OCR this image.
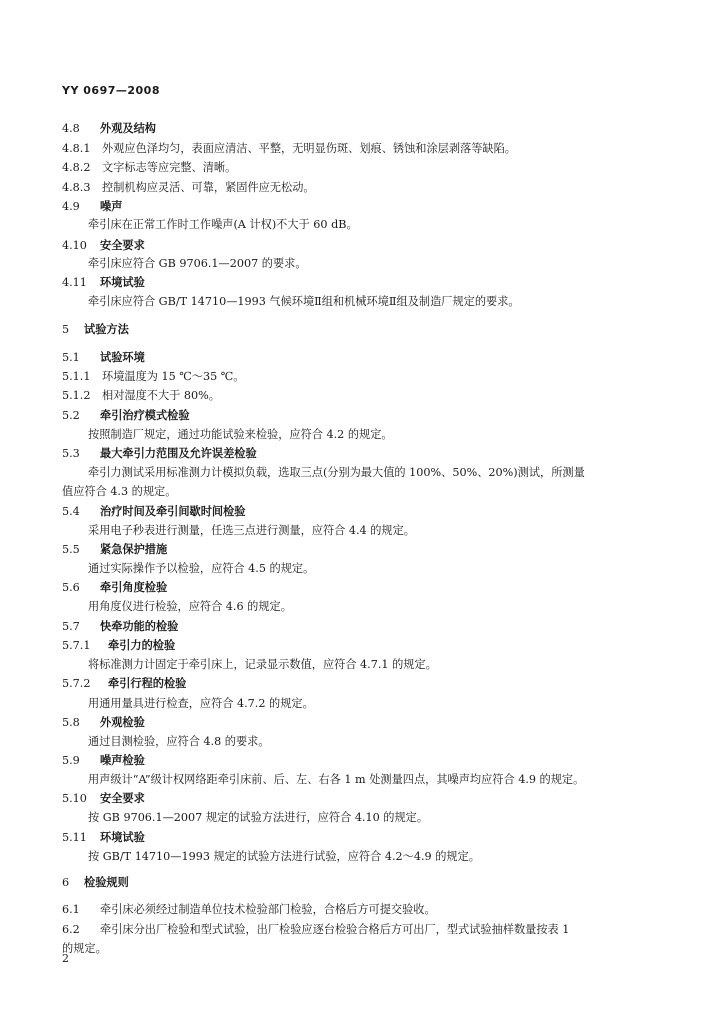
YY 0697—2008
4.8 外观及结构
4.8.1 外观应色泽均匀，表面应清洁、平整，无明显伤斑、划痕、锈蚀和涂层剥落等缺陷。
4.8.2 文字标志等应完整、清晰。
4.8.3 控制机构应灵活、可靠，紧固件应无松动。
4.9 噪声
牵引床在正常工作时工作噪声(A 计权)不大于 60 dB。
4.10 安全要求
牵引床应符合 GB 9706.1—2007 的要求。
4.11 环境试验
牵引床应符合 GB/T 14710—1993 气候环境Ⅱ组和机械环境Ⅱ组及制造厂规定的要求。
5 试验方法
5.1 试验环境
5.1.1 环境温度为 15 ℃～35 ℃。
5.1.2 相对湿度不大于 80%。
5.2 牵引治疗模式检验
按照制造厂规定，通过功能试验来检验，应符合 4.2 的规定。
5.3 最大牵引力范围及允许误差检验
牵引力测试采用标准测力计模拟负载，选取三点(分别为最大值的 100%、50%、20%)测试，所测量
值应符合 4.3 的规定。
5.4 治疗时间及牵引间歇时间检验
采用电子秒表进行测量，任选三点进行测量，应符合 4.4 的规定。
5.5 紧急保护措施
通过实际操作予以检验，应符合 4.5 的规定。
5.6 牵引角度检验
用角度仪进行检验，应符合 4.6 的规定。
5.7 快牵功能的检验
5.7.1 牵引力的检验
将标准测力计固定于牵引床上，记录显示数值，应符合 4.7.1 的规定。
5.7.2 牵引行程的检验
用通用量具进行检查，应符合 4.7.2 的规定。
5.8 外观检验
通过目测检验，应符合 4.8 的要求。
5.9 噪声检验
用声级计“A”级计权网络距牵引床前、后、左、右各 1 m 处测量四点，其噪声均应符合 4.9 的规定。
5.10 安全要求
按 GB 9706.1—2007 规定的试验方法进行，应符合 4.10 的规定。
5.11 环境试验
按 GB/T 14710—1993 规定的试验方法进行试验，应符合 4.2～4.9 的规定。
6 检验规则
6.1 牵引床必须经过制造单位技术检验部门检验，合格后方可提交验收。
6.2 牵引床分出厂检验和型式试验，出厂检验应逐台检验合格后方可出厂，型式试验抽样数量按表 1
的规定。
2
